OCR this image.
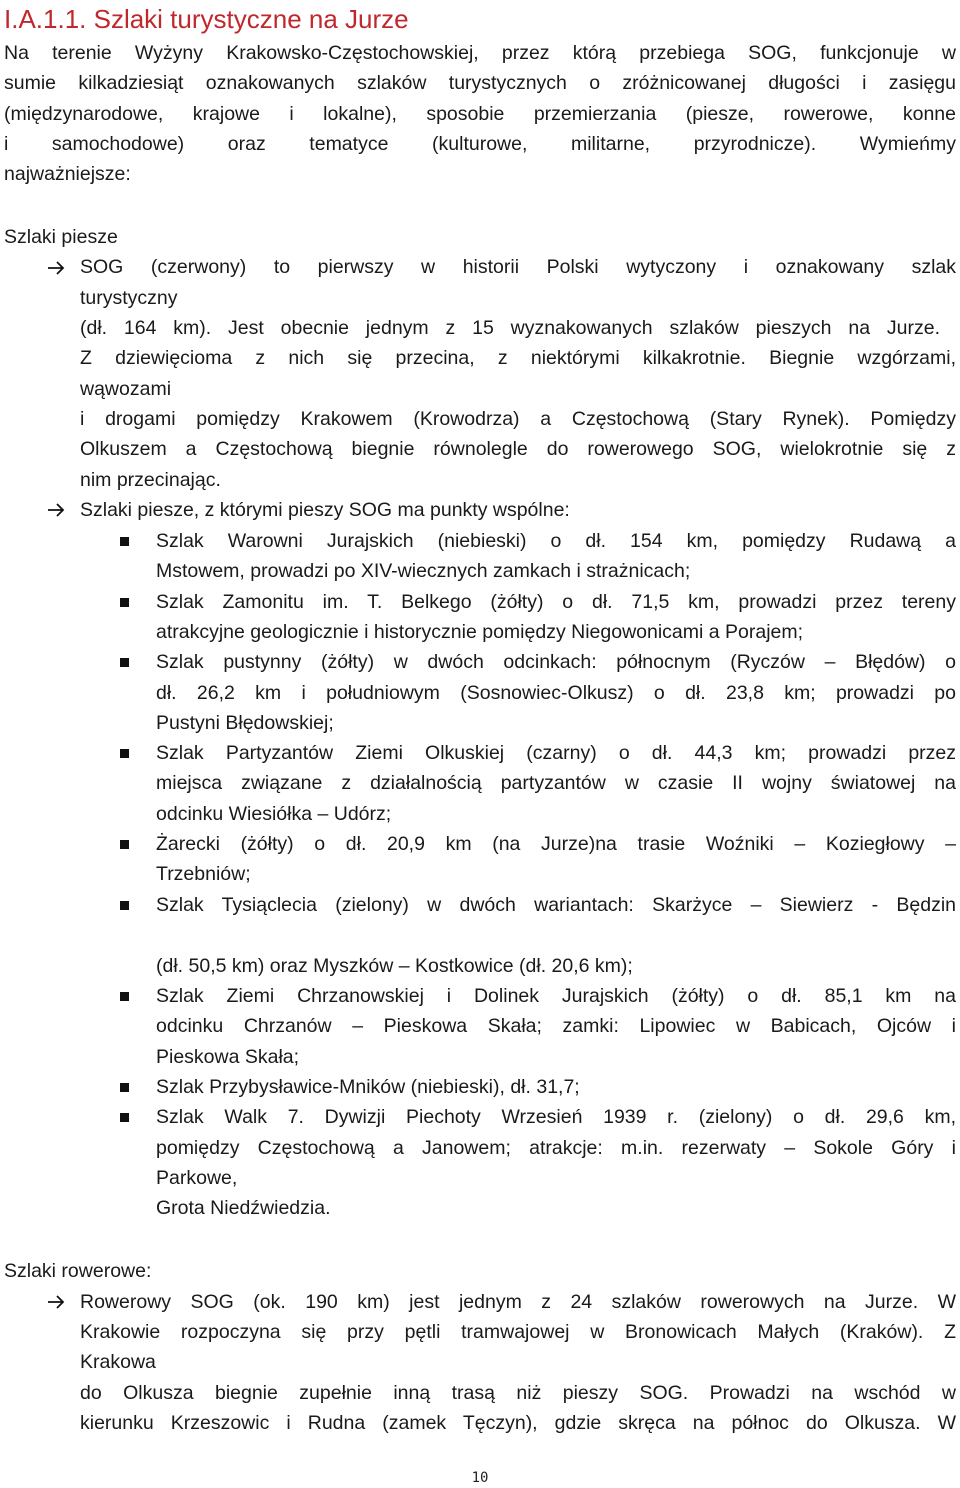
I.A.1.1. Szlaki turystyczne na Jurze
Na terenie Wyżyny Krakowsko-Częstochowskiej, przez którą przebiega SOG, funkcjonuje w
sumie kilkadziesiąt oznakowanych szlaków turystycznych o zróżnicowanej długości i zasięgu
(międzynarodowe, krajowe i lokalne), sposobie przemierzania (piesze, rowerowe, konne
i samochodowe) oraz tematyce (kulturowe, militarne, przyrodnicze). Wymieńmy
najważniejsze:
Szlaki piesze
SOG (czerwony) to pierwszy w historii Polski wytyczony i oznakowany szlak
turystyczny
(dł. 164 km). Jest obecnie jednym z 15 wyznakowanych szlaków pieszych na Jurze.
Z dziewięcioma z nich się przecina, z niektórymi kilkakrotnie. Biegnie wzgórzami,
wąwozami
i drogami pomiędzy Krakowem (Krowodrza) a Częstochową (Stary Rynek). Pomiędzy
Olkuszem a Częstochową biegnie równolegle do rowerowego SOG, wielokrotnie się z
nim przecinając.
Szlaki piesze, z którymi pieszy SOG ma punkty wspólne:
Szlak Warowni Jurajskich (niebieski) o dł. 154 km, pomiędzy Rudawą a
Mstowem, prowadzi po XIV-wiecznych zamkach i strażnicach;
Szlak Zamonitu im. T. Belkego (żółty) o dł. 71,5 km, prowadzi przez tereny
atrakcyjne geologicznie i historycznie pomiędzy Niegowonicami a Porajem;
Szlak pustynny (żółty) w dwóch odcinkach: północnym (Ryczów – Błędów) o
dł. 26,2 km i południowym (Sosnowiec-Olkusz) o dł. 23,8 km; prowadzi po
Pustyni Błędowskiej;
Szlak Partyzantów Ziemi Olkuskiej (czarny) o dł. 44,3 km; prowadzi przez
miejsca związane z działalnością partyzantów w czasie II wojny światowej na
odcinku Wiesiółka – Udórz;
Żarecki (żółty) o dł. 20,9 km (na Jurze)na trasie Woźniki – Koziegłowy –
Trzebniów;
Szlak Tysiąclecia (zielony) w dwóch wariantach: Skarżyce – Siewierz - Będzin
(dł. 50,5 km) oraz Myszków – Kostkowice (dł. 20,6 km);
Szlak Ziemi Chrzanowskiej i Dolinek Jurajskich (żółty) o dł. 85,1 km na
odcinku Chrzanów – Pieskowa Skała; zamki: Lipowiec w Babicach, Ojców i
Pieskowa Skała;
Szlak Przybysławice-Mników (niebieski), dł. 31,7;
Szlak Walk 7. Dywizji Piechoty Wrzesień 1939 r. (zielony) o dł. 29,6 km,
pomiędzy Częstochową a Janowem; atrakcje: m.in. rezerwaty – Sokole Góry i
Parkowe,
Grota Niedźwiedzia.
Szlaki rowerowe:
Rowerowy SOG (ok. 190 km) jest jednym z 24 szlaków rowerowych na Jurze. W
Krakowie rozpoczyna się przy pętli tramwajowej w Bronowicach Małych (Kraków). Z
Krakowa
do Olkusza biegnie zupełnie inną trasą niż pieszy SOG. Prowadzi na wschód w
kierunku Krzeszowic i Rudna (zamek Tęczyn), gdzie skręca na północ do Olkusza. W
10
